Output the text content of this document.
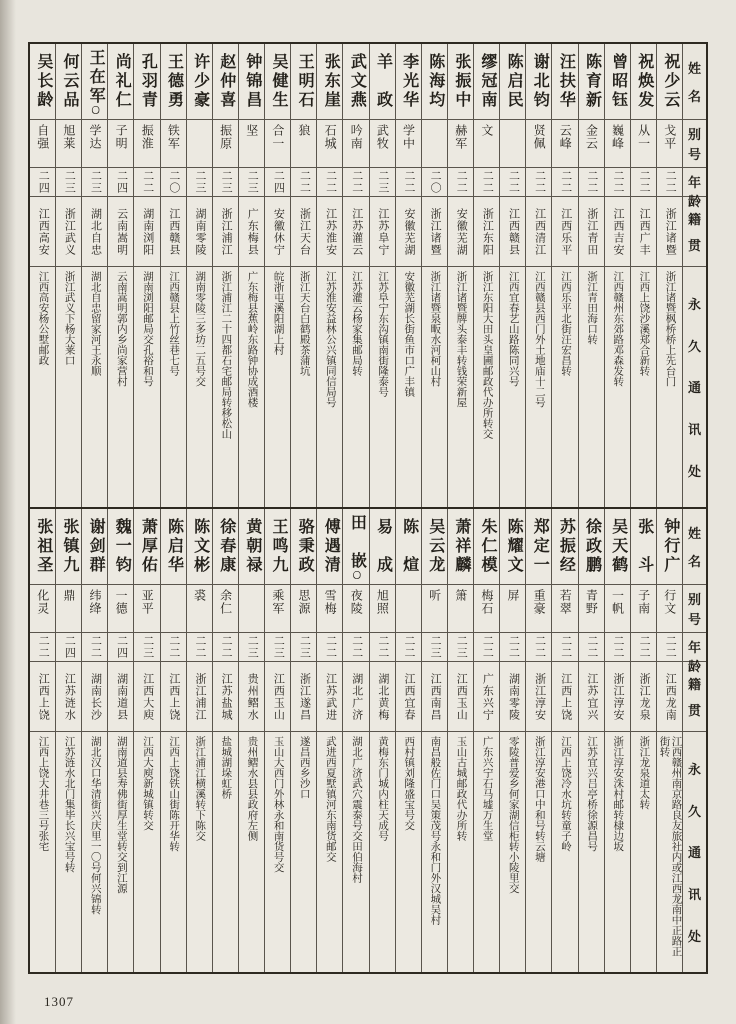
姓
名
别
号
年
龄
籍
贯
永
久
通
讯
处
祝少云
戈平
二二
浙江诸暨
浙江诸暨枫桥桥上先台门
祝焕发
从一
二二
江西广丰
江西上饶沙溪郑合新转
曾昭钰
巍峰
二二
江西吉安
江西赣州东郊路邓森发转
陈育新
金云
二二
浙江青田
浙江青田海口转
汪扶华
云峰
二二
江西乐平
江西乐平北街汪宏昌转
谢北钧
贤佩
二二
江西清江
江西赣县西门外土地庙十二号
陈启民
二二
江西赣县
江西宜春艺山路陈同兴号
缪冠南
文
二二
浙江东阳
浙江东阳大田头皇圃邮政代办所转交
张振中
赫军
二二
安徽芜湖
浙江诸暨牌头泰丰转钱荣新屋
陈海均
二〇
浙江诸暨
浙江诸暨泉畈水河柯山村
李光华
学中
二二
安徽芜湖
安徽芜湖长街鱼市口广丰镇
羊　政
武牧
二三
江苏阜宁
江苏阜宁东沟镇南街隆泰号
武文燕
吟南
二二
江苏灌云
江苏灌云杨家集邮局转
张东崖
石城
二二
江苏淮安
江苏淮安益林公兴镇同信局号
王明石
狼
二二
浙江天台
浙江天台白鹤殿茶蒲坑
吴健生
合一
二四
安徽休宁
皖浙屯溪阳湖上村
钟锦昌
坚
二三
广东梅县
广东梅县蕉岭东路钟协成酒楼
赵仲喜
振原
二三
浙江浦江
浙江浦江二十四都石宅邮局转移松山
许少豪
二三
湖南零陵
湖南零陵三多坊二五号交
王德勇
铁军
二〇
江西赣县
江西赣县上竹丝巷七号
孔羽青
振淮
二二
湖南浏阳
湖南浏阳邮局交孔裕和号
尚礼仁
子明
二四
云南嵩明
云南嵩明郭内乡尚家营村
王在军〇
学达
二三
湖北自忠
湖北自忠留家河王永顺
何云品
旭莱
二三
浙江武义
浙江武义下杨大莱口
吴长龄
自强
二四
江西高安
江西高安杨公墅邮政
姓
名
别
号
年
龄
籍
贯
永
久
通
讯
处
钟行广
行文
二二
江西龙南
江西赣州南京路良友旅社内或江西龙南中正路正街转
张　斗
子南
二二
浙江龙泉
浙江龙泉道太转
吴天鹤
一帆
二二
浙江淳安
浙江淳安洙村邮转棣边坂
徐政鹏
青野
二二
江苏宜兴
江苏宜兴吕亭桥徐源昌号
苏振经
若翠
二二
江西上饶
江西上饶冷水坑转童子岭
郑定一
重豪
二二
浙江淳安
浙江淳安港口中和号转云塘
陈耀文
屏
二二
湖南零陵
零陵普爱乡何家湖信柜转小陵里交
朱仁模
梅石
二二
广东兴宁
广东兴宁石马墟万生堂
萧祥麟
箫
二三
江西玉山
玉山古城邮政代办所转
吴云龙
听
二三
江西南昌
南昌般佐门口吴策茂号永和门外汉城吴村
陈　煊
二二
江西宜春
西村镇刘隆盛宝号交
易　成
旭照
二二
湖北黄梅
黄梅东门城内柱天成号
田　嵌〇
夜陵
二二
湖北广济
湖北广济武穴震泰号交田伯海村
傅遇清
雪梅
二二
江苏武进
武进西夏墅镇河东南货邮交
骆秉政
思源
二三
浙江遂昌
遂昌西乡沙口
王鸣九
乘军
二三
江西玉山
玉山大西门外林永和南货号交
黄朝禄
二三
贵州鳛水
贵州鳛水县县政府左侧
徐春康
余仁
二二
江苏盐城
盐城湖垛虹桥
陈文彬
裘
二二
浙江浦江
浙江浦江横溪转下陈交
陈启华
二二
江西上饶
江西上饶铁山街陈开华转
萧厚佑
亚平
二三
江西大庾
江西大庾新城镇转交
魏一钧
一德
二四
湖南道县
湖南道县寿佛街厚生堂转交到江源
谢剑群
纬绛
二二
湖南长沙
湖北汉口华清街兴庆里一〇号何兴锦转
张镇九
鼎
二四
江苏涟水
江苏涟水北门集毕长兴宝号转
张祖圣
化灵
二二
江西上饶
江西上饶大井巷三号张宅
1307
